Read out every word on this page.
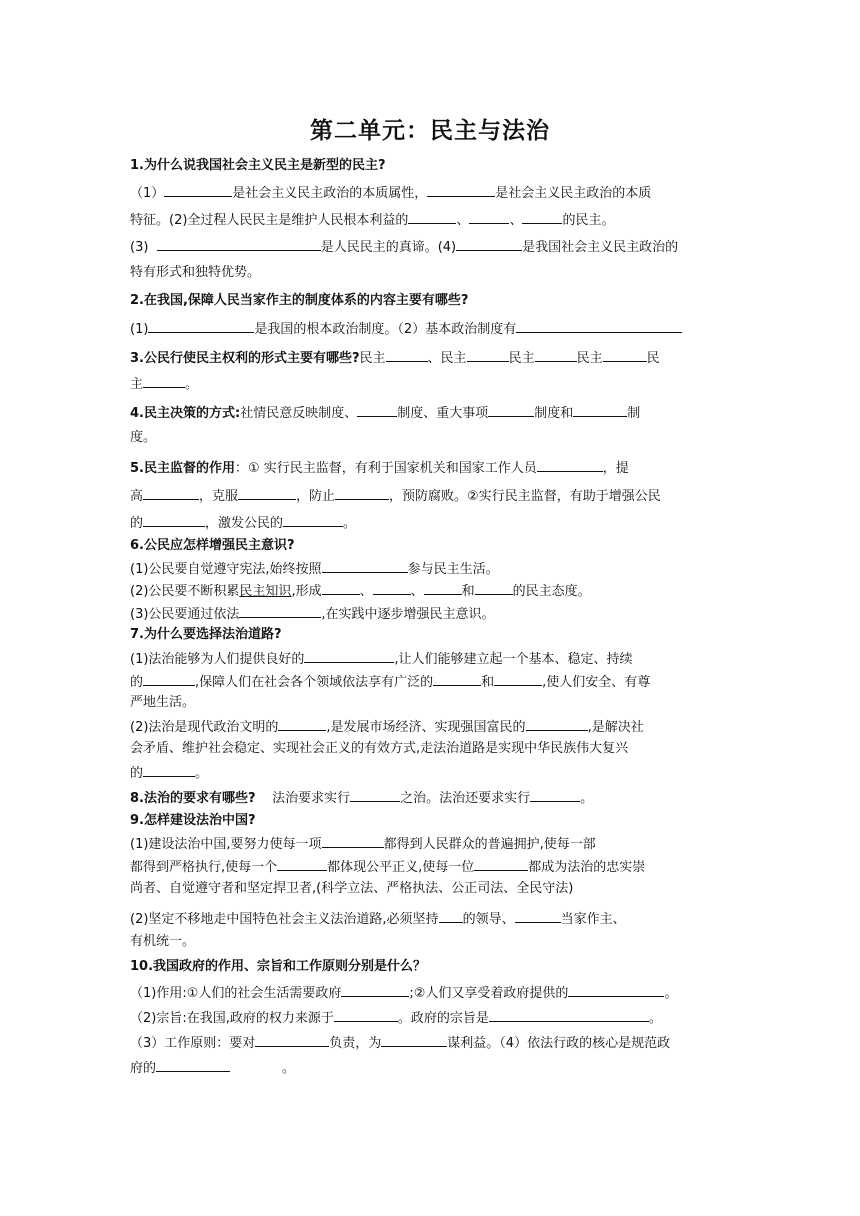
第二单元：民主与法治
1.为什么说我国社会主义民主是新型的民主?
（1）	是社会主义民主政治的本质属性，	是社会主义民主政治的本质
特征。(2)全过程人民民主是维护人民根本利益的	、	、	的民主。
(3)	是人民民主的真谛。(4)	是我国社会主义民主政治的
特有形式和独特优势。
2.在我国,保障人民当家作主的制度体系的内容主要有哪些?
(1)	是我国的根本政治制度。（2）基本政治制度有
3.公民行使民主权利的形式主要有哪些?民主	、民主	民主	民主	民
主	。
4.民主决策的方式:社情民意反映制度、	制度、重大事项	制度和	制
度。
5.民主监督的作用：① 实行民主监督，有利于国家机关和国家工作人员	，提
高	，克服	，防止	，预防腐败。②实行民主监督，有助于增强公民
的	，激发公民的	。
6.公民应怎样增强民主意识?
(1)公民要自觉遵守宪法,始终按照	参与民主生活。
(2)公民要不断积累民主知识,形成	、	、	和	的民主态度。
(3)公民要通过依法	,在实践中逐步增强民主意识。
7.为什么要选择法治道路?
(1)法治能够为人们提供良好的	,让人们能够建立起一个基本、稳定、持续
的	,保障人们在社会各个领域依法享有广泛的	和	,使人们安全、有尊
严地生活。
(2)法治是现代政治文明的	,是发展市场经济、实现强国富民的	,是解决社
会矛盾、维护社会稳定、实现社会正义的有效方式,走法治道路是实现中华民族伟大复兴
的	。
8.法治的要求有哪些? 法治要求实行	之治。法治还要求实行	。
9.怎样建设法治中国?
(1)建设法治中国,要努力使每一项	都得到人民群众的普遍拥护,使每一部
都得到严格执行,使每一个	都体现公平正义,使每一位	都成为法治的忠实崇
尚者、自觉遵守者和坚定捍卫者,(科学立法、严格执法、公正司法、全民守法)
(2)坚定不移地走中国特色社会主义法治道路,必须坚持 的领导、	当家作主、
有机统一。
10.我国政府的作用、宗旨和工作原则分别是什么？
（1)作用:①人们的社会生活需要政府	;②人们又享受着政府提供的	。
（2)宗旨:在我国,政府的权力来源于	。政府的宗旨是	。
（3）工作原则：要对	负责，为	谋利益。（4）依法行政的核心是规范政
府的	。
